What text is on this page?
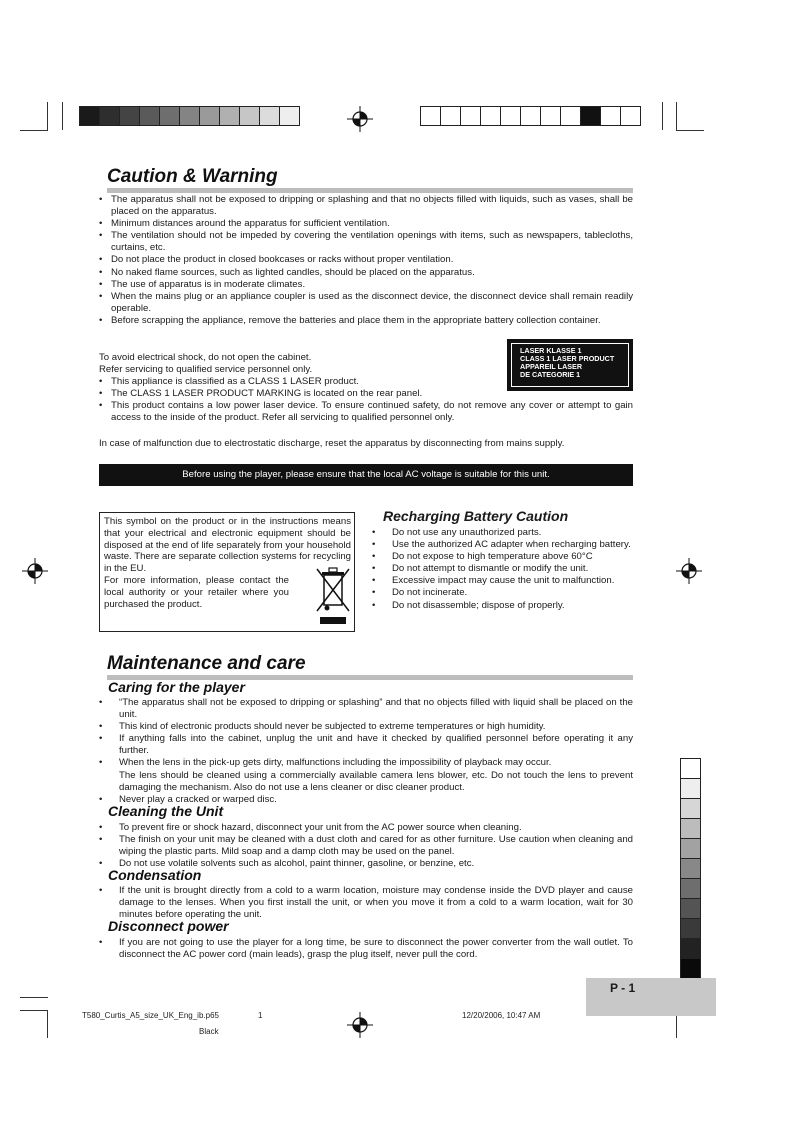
Caution & Warning
• The apparatus shall not be exposed to dripping or splashing and that no objects filled with liquids, such as vases, shall be placed on the apparatus.
• Minimum distances around the apparatus for sufficient ventilation.
• The ventilation should not be impeded by covering the ventilation openings with items, such as newspapers, tablecloths, curtains, etc.
• Do not place the product in closed bookcases or racks without proper ventilation.
• No naked flame sources, such as lighted candles, should be placed on the apparatus.
• The use of apparatus is in moderate climates.
• When the mains plug or an appliance coupler is used as the disconnect device, the disconnect device shall remain readily operable.
• Before scrapping the appliance, remove the batteries and place them in the appropriate battery collection container.

To avoid electrical shock, do not open the cabinet.

Refer servicing to qualified service personnel only.

• This appliance is classified as a CLASS 1 LASER product.
• The CLASS 1 LASER PRODUCT MARKING is located on the rear panel.
• This product contains a low power laser device. To ensure continued safety, do not remove any cover or attempt to gain access to the inside of the product. Refer all servicing to qualified personnel only.
LASER KLASSE 1
CLASS 1 LASER PRODUCT
APPAREIL LASER
DE CATEGORIE 1

In case of malfunction due to electrostatic discharge, reset the apparatus by disconnecting from mains supply.

Before using the player, please ensure that the local AC voltage is suitable for this unit.

This symbol on the product or in the instructions means that your electrical and electronic equipment should be disposed at the end of life separately from your household waste. There are separate collection systems for recycling in the EU.

For more information, please contact the local authority or your retailer where you purchased the product.

Recharging Battery Caution
• Do not use any unauthorized parts.
• Use the authorized AC adapter when recharging battery.
• Do not expose to high temperature above 60°C
• Do not attempt to dismantle or modify the unit.
• Excessive impact may cause the unit to malfunction.
• Do not incinerate.
• Do not disassemble; dispose of properly.
Maintenance and care
Caring for the player
• “The apparatus shall not be exposed to dripping or splashing” and that no objects filled with liquid shall be placed on the unit.
• This kind of electronic products should never be subjected to extreme temperatures or high humidity.
• If anything falls into the cabinet, unplug the unit and have it checked by qualified personnel before operating it any further.
• When the lens in the pick-up gets dirty, malfunctions including the impossibility of playback may occur.

The lens should be cleaned using a commercially available camera lens blower, etc. Do not touch the lens to prevent damaging the mechanism. Also do not use a lens cleaner or disc cleaner product.

• Never play a cracked or warped disc.
Cleaning the Unit
• To prevent fire or shock hazard, disconnect your unit from the AC power source when cleaning.
• The finish on your unit may be cleaned with a dust cloth and cared for as other furniture. Use caution when cleaning and wiping the plastic parts. Mild soap and a damp cloth may be used on the panel.
• Do not use volatile solvents such as alcohol, paint thinner, gasoline, or benzine, etc.
Condensation
• If the unit is brought directly from a cold to a warm location, moisture may condense inside the DVD player and cause damage to the lenses. When you first install the unit, or when you move it from a cold to a warm location, wait for 30 minutes before operating the unit.
Disconnect power
• If you are not going to use the player for a long time, be sure to disconnect the power converter from the wall outlet. To disconnect the AC power cord (main leads), grasp the plug itself, never pull the cord.
P - 1
T580_Curtis_A5_size_UK_Eng_ib.p65	1	12/20/2006, 10:47 AM
Black
